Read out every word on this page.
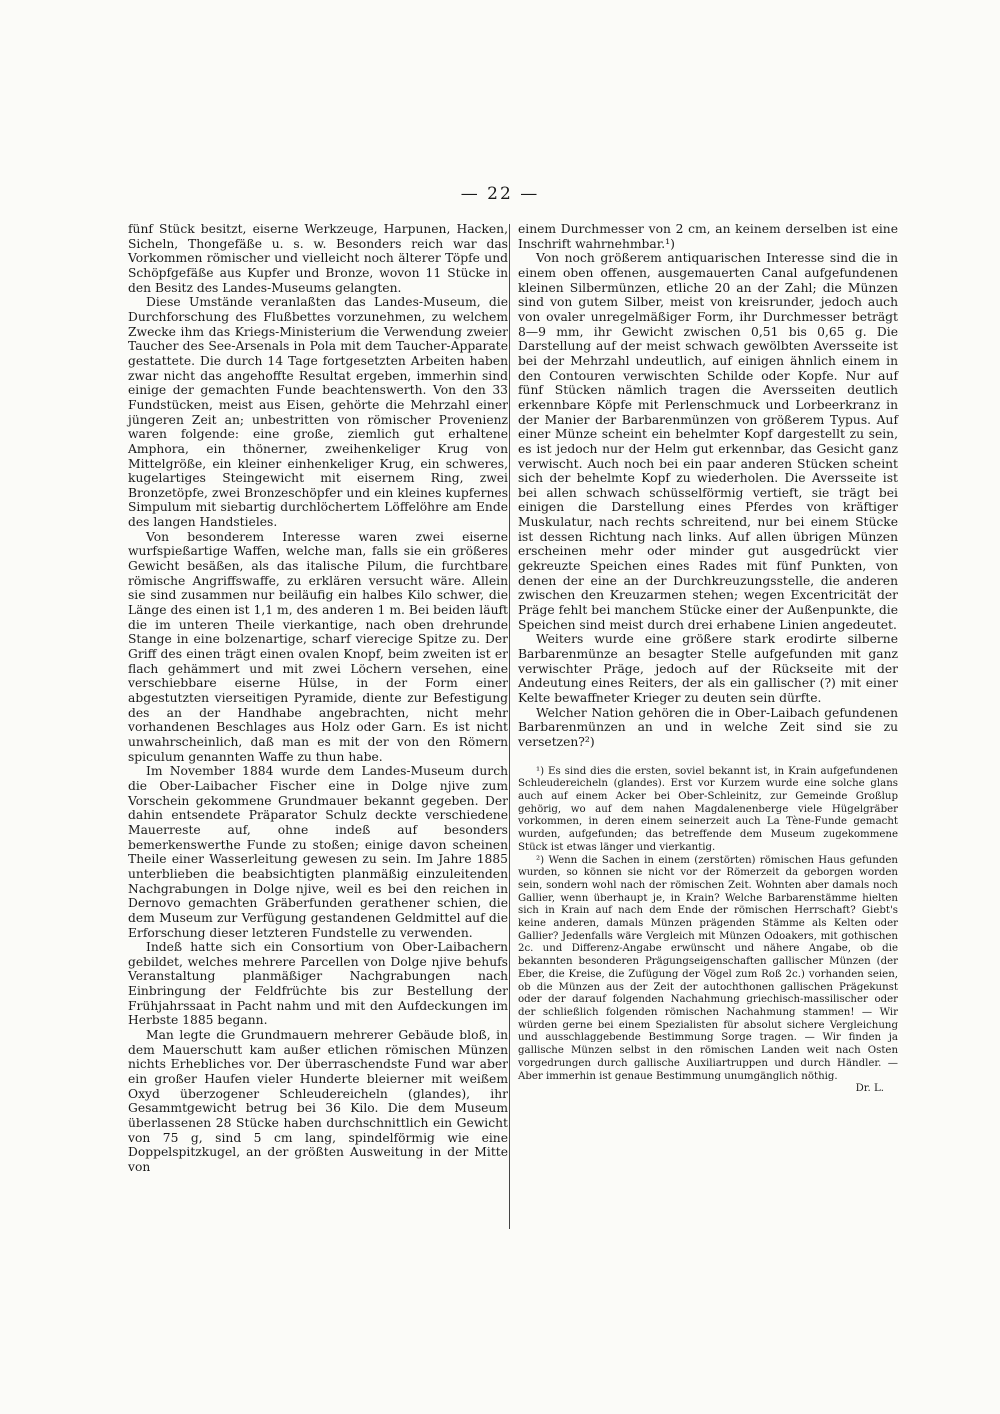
— 22 —

fünf Stück besitzt, eiserne Werkzeuge, Harpunen, Hacken, Sicheln, Thongefäße u. s. w. Besonders reich war das Vorkommen römischer und vielleicht noch älterer Töpfe und Schöpfgefäße aus Kupfer und Bronze, wovon 11 Stücke in den Besitz des Landes-Museums gelangten.

Diese Umstände veranlaßten das Landes-Museum, die Durchforschung des Flußbettes vorzunehmen, zu welchem Zwecke ihm das Kriegs-Ministerium die Verwendung zweier Taucher des See-Arsenals in Pola mit dem Taucher-Apparate gestattete. Die durch 14 Tage fortgesetzten Arbeiten haben zwar nicht das angehoffte Resultat ergeben, immerhin sind einige der gemachten Funde beachtenswerth. Von den 33 Fundstücken, meist aus Eisen, gehörte die Mehrzahl einer jüngeren Zeit an; unbestritten von römischer Provenienz waren folgende: eine große, ziemlich gut erhaltene Amphora, ein thönerner, zweihenkeliger Krug von Mittelgröße, ein kleiner einhenkeliger Krug, ein schweres, kugelartiges Steingewicht mit eisernem Ring, zwei Bronzetöpfe, zwei Bronzeschöpfer und ein kleines kupfernes Simpulum mit siebartig durchlöchertem Löffelöhre am Ende des langen Handstieles.

Von besonderem Interesse waren zwei eiserne wurfspießartige Waffen, welche man, falls sie ein größeres Gewicht besäßen, als das italische Pilum, die furchtbare römische Angriffswaffe, zu erklären versucht wäre. Allein sie sind zusammen nur beiläufig ein halbes Kilo schwer, die Länge des einen ist 1,1 m, des anderen 1 m. Bei beiden läuft die im unteren Theile vierkantige, nach oben drehrunde Stange in eine bolzenartige, scharf vierecige Spitze zu. Der Griff des einen trägt einen ovalen Knopf, beim zweiten ist er flach gehämmert und mit zwei Löchern versehen, eine verschiebbare eiserne Hülse, in der Form einer abgestutzten vierseitigen Pyramide, diente zur Befestigung des an der Handhabe angebrachten, nicht mehr vorhandenen Beschlages aus Holz oder Garn. Es ist nicht unwahrscheinlich, daß man es mit der von den Römern spiculum genannten Waffe zu thun habe.

Im November 1884 wurde dem Landes-Museum durch die Ober-Laibacher Fischer eine in Dolge njive zum Vorschein gekommene Grundmauer bekannt gegeben. Der dahin entsendete Präparator Schulz deckte verschiedene Mauerreste auf, ohne indeß auf besonders bemerkenswerthe Funde zu stoßen; einige davon scheinen Theile einer Wasserleitung gewesen zu sein. Im Jahre 1885 unterblieben die beabsichtigten planmäßig einzuleitenden Nachgrabungen in Dolge njive, weil es bei den reichen in Dernovo gemachten Gräberfunden gerathener schien, die dem Museum zur Verfügung gestandenen Geldmittel auf die Erforschung dieser letzteren Fundstelle zu verwenden.

Indeß hatte sich ein Consortium von Ober-Laibachern gebildet, welches mehrere Parcellen von Dolge njive behufs Veranstaltung planmäßiger Nachgrabungen nach Einbringung der Feldfrüchte bis zur Bestellung der Frühjahrssaat in Pacht nahm und mit den Aufdeckungen im Herbste 1885 begann.

Man legte die Grundmauern mehrerer Gebäude bloß, in dem Mauerschutt kam außer etlichen römischen Münzen nichts Erhebliches vor. Der überraschendste Fund war aber ein großer Haufen vieler Hunderte bleierner mit weißem Oxyd überzogener Schleudereicheln (glandes), ihr Gesammtgewicht betrug bei 36 Kilo. Die dem Museum überlassenen 28 Stücke haben durchschnittlich ein Gewicht von 75 g, sind 5 cm lang, spindelförmig wie eine Doppelspitzkugel, an der größten Ausweitung in der Mitte von

einem Durchmesser von 2 cm, an keinem derselben ist eine Inschrift wahrnehmbar.¹)

Von noch größerem antiquarischen Interesse sind die in einem oben offenen, ausgemauerten Canal aufgefundenen kleinen Silbermünzen, etliche 20 an der Zahl; die Münzen sind von gutem Silber, meist von kreisrunder, jedoch auch von ovaler unregelmäßiger Form, ihr Durchmesser beträgt 8—9 mm, ihr Gewicht zwischen 0,51 bis 0,65 g. Die Darstellung auf der meist schwach gewölbten Aversseite ist bei der Mehrzahl undeutlich, auf einigen ähnlich einem in den Contouren verwischten Schilde oder Kopfe. Nur auf fünf Stücken nämlich tragen die Aversseiten deutlich erkennbare Köpfe mit Perlenschmuck und Lorbeerkranz in der Manier der Barbarenmünzen von größerem Typus. Auf einer Münze scheint ein behelmter Kopf dargestellt zu sein, es ist jedoch nur der Helm gut erkennbar, das Gesicht ganz verwischt. Auch noch bei ein paar anderen Stücken scheint sich der behelmte Kopf zu wiederholen. Die Aversseite ist bei allen schwach schüsselförmig vertieft, sie trägt bei einigen die Darstellung eines Pferdes von kräftiger Muskulatur, nach rechts schreitend, nur bei einem Stücke ist dessen Richtung nach links. Auf allen übrigen Münzen erscheinen mehr oder minder gut ausgedrückt vier gekreuzte Speichen eines Rades mit fünf Punkten, von denen der eine an der Durchkreuzungsstelle, die anderen zwischen den Kreuzarmen stehen; wegen Excentricität der Präge fehlt bei manchem Stücke einer der Außenpunkte, die Speichen sind meist durch drei erhabene Linien angedeutet.

Weiters wurde eine größere stark erodirte silberne Barbarenmünze an besagter Stelle aufgefunden mit ganz verwischter Präge, jedoch auf der Rückseite mit der Andeutung eines Reiters, der als ein gallischer (?) mit einer Kelte bewaffneter Krieger zu deuten sein dürfte.

Welcher Nation gehören die in Ober-Laibach gefundenen Barbarenmünzen an und in welche Zeit sind sie zu versetzen?²)

¹) Es sind dies die ersten, soviel bekannt ist, in Krain aufgefundenen Schleudereicheln (glandes). Erst vor Kurzem wurde eine solche glans auch auf einem Acker bei Ober-Schleinitz, zur Gemeinde Großlup gehörig, wo auf dem nahen Magdalenenberge viele Hügelgräber vorkommen, in deren einem seinerzeit auch La Tène-Funde gemacht wurden, aufgefunden; das betreffende dem Museum zugekommene Stück ist etwas länger und vierkantig.

²) Wenn die Sachen in einem (zerstörten) römischen Haus gefunden wurden, so können sie nicht vor der Römerzeit da geborgen worden sein, sondern wohl nach der römischen Zeit. Wohnten aber damals noch Gallier, wenn überhaupt je, in Krain? Welche Barbarenstämme hielten sich in Krain auf nach dem Ende der römischen Herrschaft? Giebt's keine anderen, damals Münzen prägenden Stämme als Kelten oder Gallier? Jedenfalls wäre Vergleich mit Münzen Odoakers, mit gothischen 2c. und Differenz-Angabe erwünscht und nähere Angabe, ob die bekannten besonderen Prägungseigenschaften gallischer Münzen (der Eber, die Kreise, die Zufügung der Vögel zum Roß 2c.) vorhanden seien, ob die Münzen aus der Zeit der autochthonen gallischen Prägekunst oder der darauf folgenden Nachahmung griechisch-massilischer oder der schließlich folgenden römischen Nachahmung stammen! — Wir würden gerne bei einem Spezialisten für absolut sichere Vergleichung und ausschlaggebende Bestimmung Sorge tragen. — Wir finden ja gallische Münzen selbst in den römischen Landen weit nach Osten vorgedrungen durch gallische Auxiliartruppen und durch Händler. — Aber immerhin ist genaue Bestimmung unumgänglich nöthig.

Dr. L.
